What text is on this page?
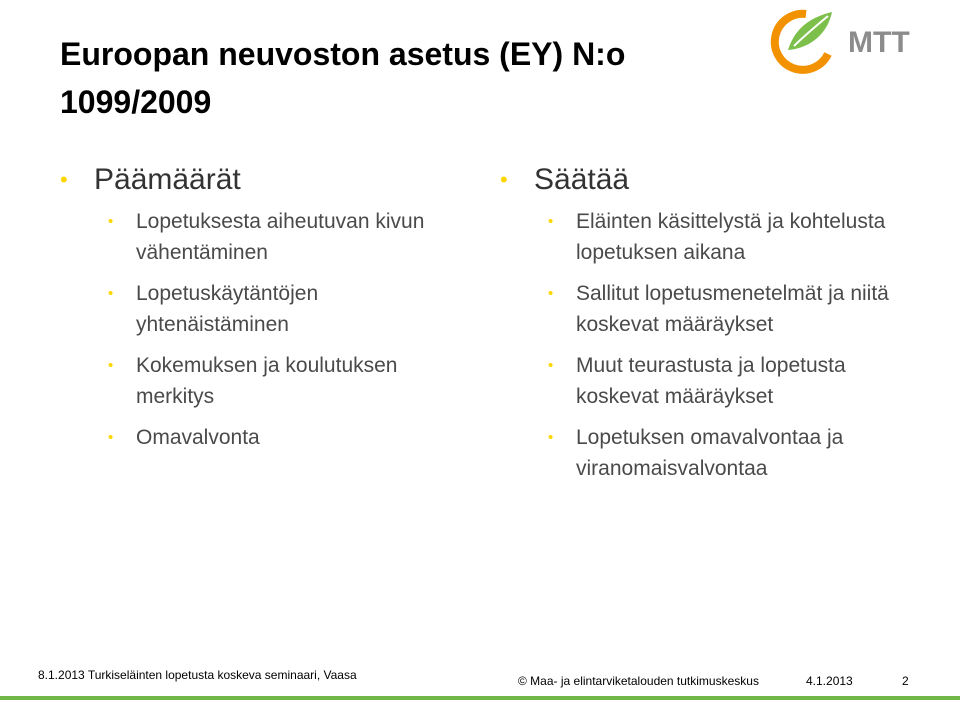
Euroopan neuvoston asetus (EY) N:o 1099/2009
MTT
• Päämäärät
• Lopetuksesta aiheutuvan kivun vähentäminen
• Lopetuskäytäntöjen yhtenäistäminen
• Kokemuksen ja koulutuksen merkitys
• Omavalvonta
• Säätää
• Eläinten käsittelystä ja kohtelusta lopetuksen aikana
• Sallitut lopetusmenetelmät ja niitä koskevat määräykset
• Muut teurastusta ja lopetusta koskevat määräykset
• Lopetuksen omavalvontaa ja viranomaisvalvontaa
8.1.2013 Turkiseläinten lopetusta koskeva seminaari, Vaasa	© Maa- ja elintarviketalouden tutkimuskeskus	4.1.2013	2
